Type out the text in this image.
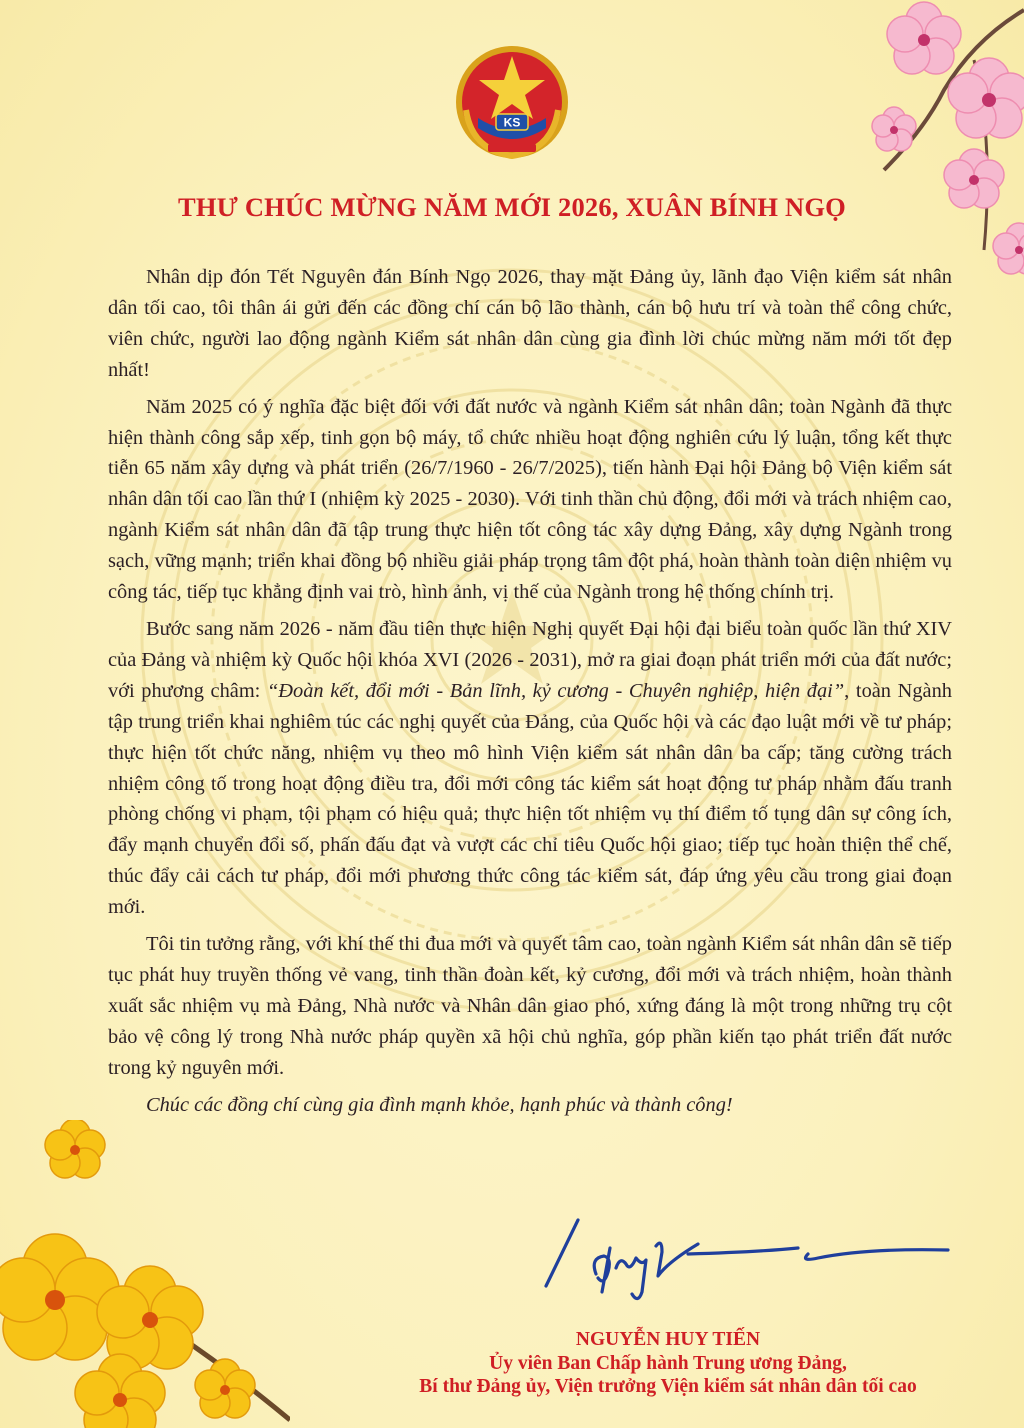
KS
THƯ CHÚC MỪNG NĂM MỚI 2026, XUÂN BÍNH NGỌ

Nhân dịp đón Tết Nguyên đán Bính Ngọ 2026, thay mặt Đảng ủy, lãnh đạo Viện kiểm sát nhân dân tối cao, tôi thân ái gửi đến các đồng chí cán bộ lão thành, cán bộ hưu trí và toàn thể công chức, viên chức, người lao động ngành Kiểm sát nhân dân cùng gia đình lời chúc mừng năm mới tốt đẹp nhất!

Năm 2025 có ý nghĩa đặc biệt đối với đất nước và ngành Kiểm sát nhân dân; toàn Ngành đã thực hiện thành công sắp xếp, tinh gọn bộ máy, tổ chức nhiều hoạt động nghiên cứu lý luận, tổng kết thực tiễn 65 năm xây dựng và phát triển (26/7/1960 - 26/7/2025), tiến hành Đại hội Đảng bộ Viện kiểm sát nhân dân tối cao lần thứ I (nhiệm kỳ 2025 - 2030). Với tinh thần chủ động, đổi mới và trách nhiệm cao, ngành Kiểm sát nhân dân đã tập trung thực hiện tốt công tác xây dựng Đảng, xây dựng Ngành trong sạch, vững mạnh; triển khai đồng bộ nhiều giải pháp trọng tâm đột phá, hoàn thành toàn diện nhiệm vụ công tác, tiếp tục khẳng định vai trò, hình ảnh, vị thế của Ngành trong hệ thống chính trị.

Bước sang năm 2026 - năm đầu tiên thực hiện Nghị quyết Đại hội đại biểu toàn quốc lần thứ XIV của Đảng và nhiệm kỳ Quốc hội khóa XVI (2026 - 2031), mở ra giai đoạn phát triển mới của đất nước; với phương châm: “Đoàn kết, đổi mới - Bản lĩnh, kỷ cương - Chuyên nghiệp, hiện đại”, toàn Ngành tập trung triển khai nghiêm túc các nghị quyết của Đảng, của Quốc hội và các đạo luật mới về tư pháp; thực hiện tốt chức năng, nhiệm vụ theo mô hình Viện kiểm sát nhân dân ba cấp; tăng cường trách nhiệm công tố trong hoạt động điều tra, đổi mới công tác kiểm sát hoạt động tư pháp nhằm đấu tranh phòng chống vi phạm, tội phạm có hiệu quả; thực hiện tốt nhiệm vụ thí điểm tố tụng dân sự công ích, đẩy mạnh chuyển đổi số, phấn đấu đạt và vượt các chỉ tiêu Quốc hội giao; tiếp tục hoàn thiện thể chế, thúc đẩy cải cách tư pháp, đổi mới phương thức công tác kiểm sát, đáp ứng yêu cầu trong giai đoạn mới.

Tôi tin tưởng rằng, với khí thế thi đua mới và quyết tâm cao, toàn ngành Kiểm sát nhân dân sẽ tiếp tục phát huy truyền thống vẻ vang, tinh thần đoàn kết, kỷ cương, đổi mới và trách nhiệm, hoàn thành xuất sắc nhiệm vụ mà Đảng, Nhà nước và Nhân dân giao phó, xứng đáng là một trong những trụ cột bảo vệ công lý trong Nhà nước pháp quyền xã hội chủ nghĩa, góp phần kiến tạo phát triển đất nước trong kỷ nguyên mới.

Chúc các đồng chí cùng gia đình mạnh khỏe, hạnh phúc và thành công!

NGUYỄN HUY TIẾN
Ủy viên Ban Chấp hành Trung ương Đảng,
Bí thư Đảng ủy, Viện trưởng Viện kiểm sát nhân dân tối cao
